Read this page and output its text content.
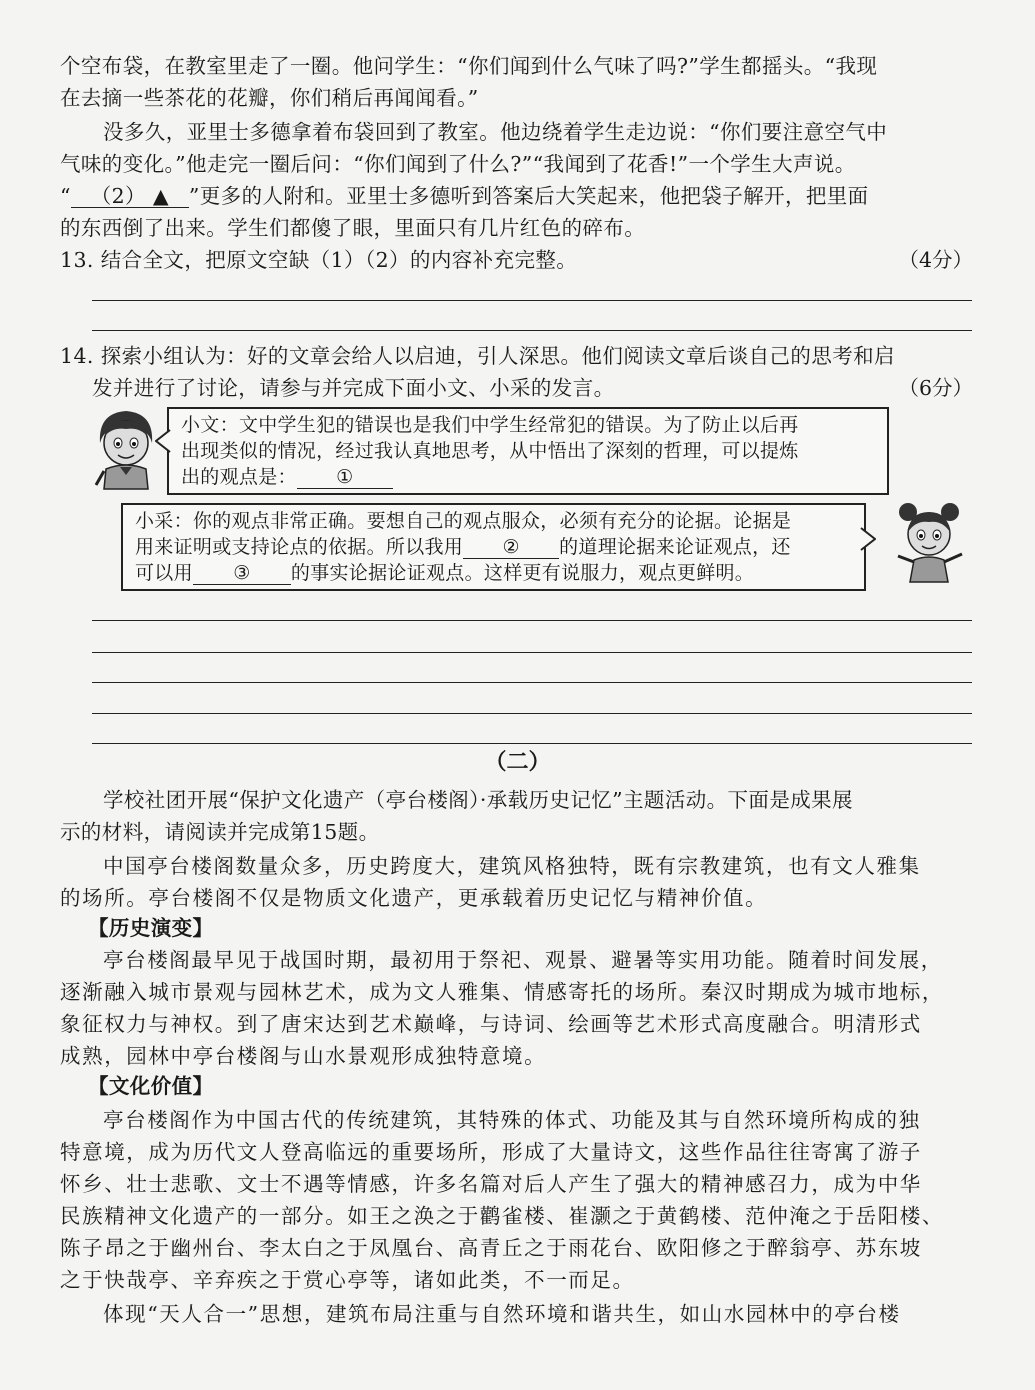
个空布袋，在教室里走了一圈。他问学生：“你们闻到什么气味了吗?”学生都摇头。“我现
在去摘一些茶花的花瓣，你们稍后再闻闻看。”
没多久，亚里士多德拿着布袋回到了教室。他边绕着学生走边说：“你们要注意空气中
气味的变化。”他走完一圈后问：“你们闻到了什么?”“我闻到了花香!”一个学生大声说。
“ （2） ▲ ”更多的人附和。亚里士多德听到答案后大笑起来，他把袋子解开，把里面
的东西倒了出来。学生们都傻了眼，里面只有几片红色的碎布。
13. 结合全文，把原文空缺（1）（2）的内容补充完整。	（4分）
14. 探索小组认为：好的文章会给人以启迪，引人深思。他们阅读文章后谈自己的思考和启
发并进行了讨论，请参与并完成下面小文、小采的发言。	（6分）
小文：文中学生犯的错误也是我们中学生经常犯的错误。为了防止以后再
出现类似的情况，经过我认真地思考，从中悟出了深刻的哲理，可以提炼
出的观点是： ①
小采：你的观点非常正确。要想自己的观点服众，必须有充分的论据。论据是
用来证明或支持论点的依据。所以我用 ② 的道理论据来论证观点，还
可以用 ③ 的事实论据论证观点。这样更有说服力，观点更鲜明。
（二）
学校社团开展“保护文化遗产（亭台楼阁）·承载历史记忆”主题活动。下面是成果展
示的材料，请阅读并完成第15题。
中国亭台楼阁数量众多，历史跨度大，建筑风格独特，既有宗教建筑，也有文人雅集
的场所。亭台楼阁不仅是物质文化遗产，更承载着历史记忆与精神价值。
【历史演变】
亭台楼阁最早见于战国时期，最初用于祭祀、观景、避暑等实用功能。随着时间发展，
逐渐融入城市景观与园林艺术，成为文人雅集、情感寄托的场所。秦汉时期成为城市地标，
象征权力与神权。到了唐宋达到艺术巅峰，与诗词、绘画等艺术形式高度融合。明清形式
成熟，园林中亭台楼阁与山水景观形成独特意境。
【文化价值】
亭台楼阁作为中国古代的传统建筑，其特殊的体式、功能及其与自然环境所构成的独
特意境，成为历代文人登高临远的重要场所，形成了大量诗文，这些作品往往寄寓了游子
怀乡、壮士悲歌、文士不遇等情感，许多名篇对后人产生了强大的精神感召力，成为中华
民族精神文化遗产的一部分。如王之涣之于鹳雀楼、崔灏之于黄鹤楼、范仲淹之于岳阳楼、
陈子昂之于幽州台、李太白之于凤凰台、高青丘之于雨花台、欧阳修之于醉翁亭、苏东坡
之于快哉亭、辛弃疾之于赏心亭等，诸如此类，不一而足。
体现“天人合一”思想，建筑布局注重与自然环境和谐共生，如山水园林中的亭台楼
